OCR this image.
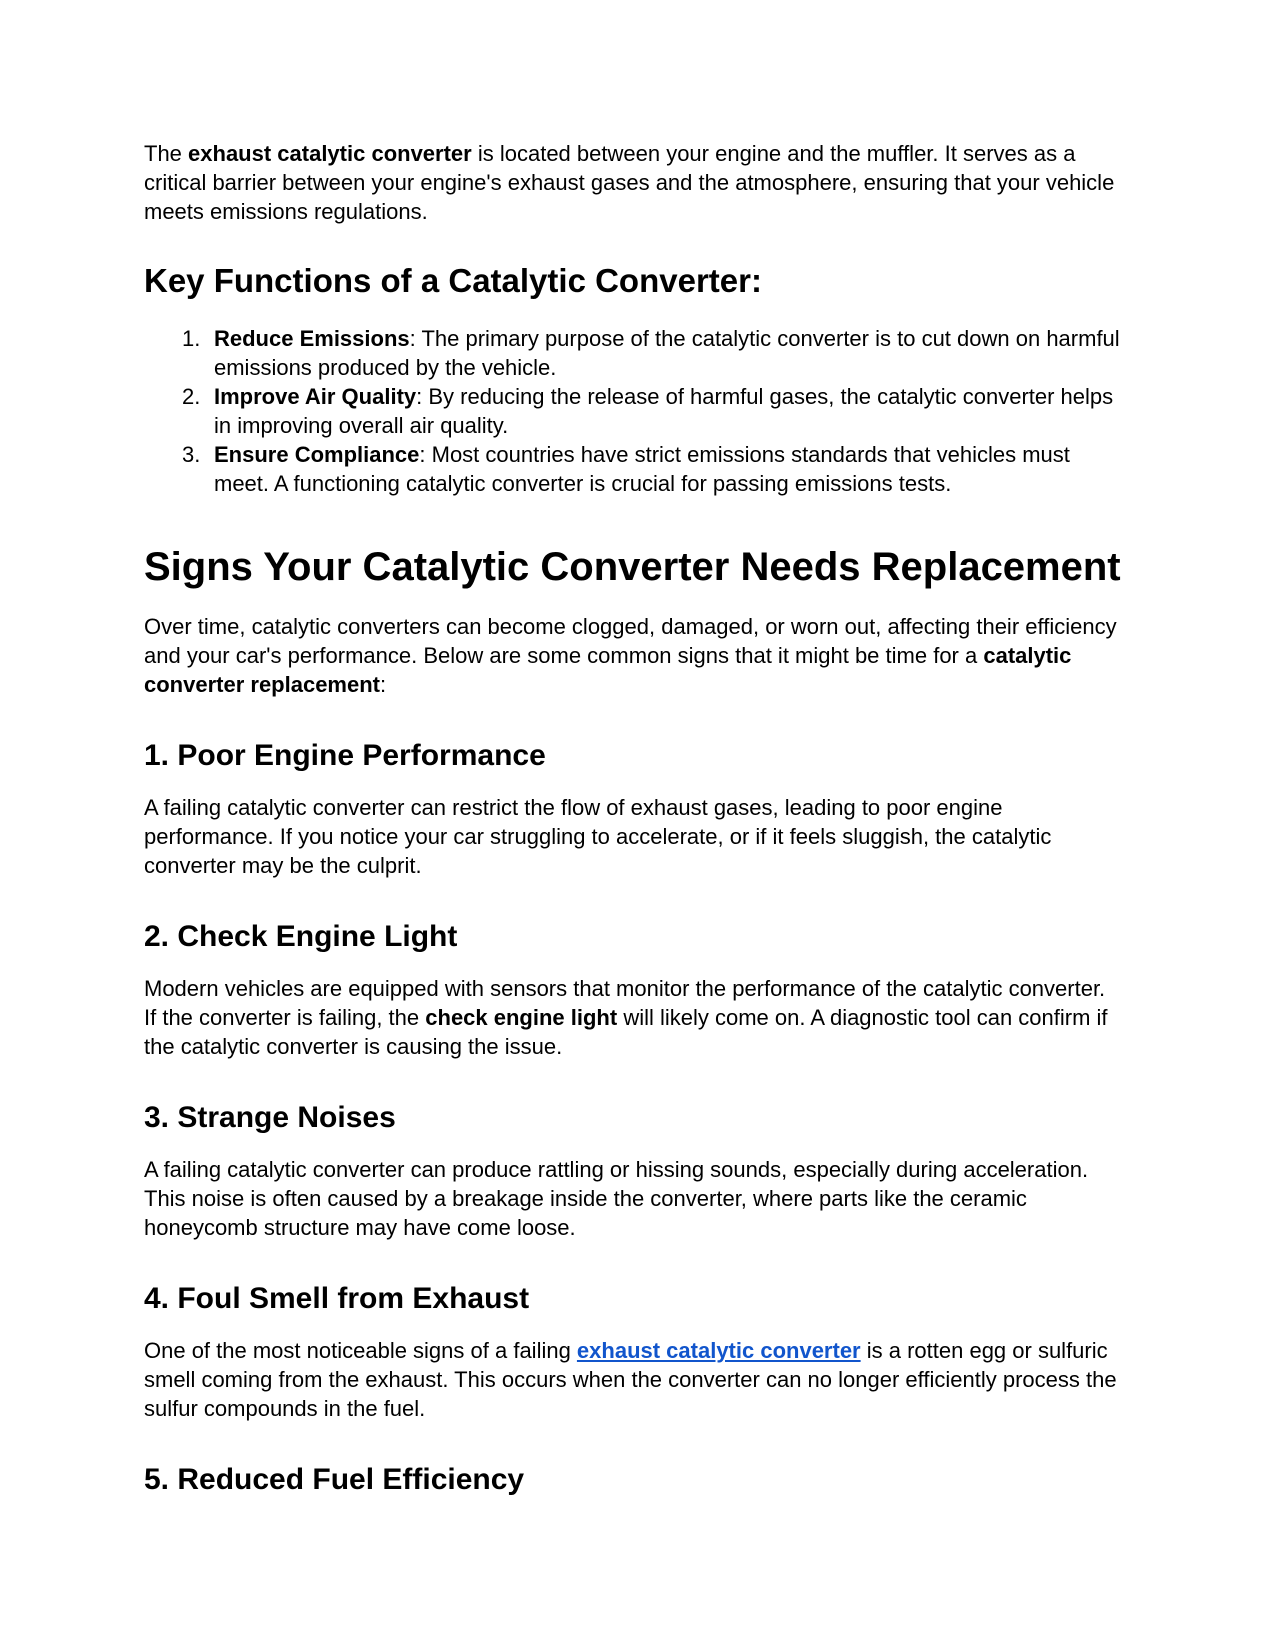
The exhaust catalytic converter is located between your engine and the muffler. It serves as a critical barrier between your engine's exhaust gases and the atmosphere, ensuring that your vehicle meets emissions regulations.

Key Functions of a Catalytic Converter:
1. Reduce Emissions: The primary purpose of the catalytic converter is to cut down on harmful emissions produced by the vehicle.
2. Improve Air Quality: By reducing the release of harmful gases, the catalytic converter helps in improving overall air quality.
3. Ensure Compliance: Most countries have strict emissions standards that vehicles must meet. A functioning catalytic converter is crucial for passing emissions tests.
Signs Your Catalytic Converter Needs Replacement

Over time, catalytic converters can become clogged, damaged, or worn out, affecting their efficiency and your car's performance. Below are some common signs that it might be time for a catalytic converter replacement:

1. Poor Engine Performance

A failing catalytic converter can restrict the flow of exhaust gases, leading to poor engine performance. If you notice your car struggling to accelerate, or if it feels sluggish, the catalytic converter may be the culprit.

2. Check Engine Light

Modern vehicles are equipped with sensors that monitor the performance of the catalytic converter. If the converter is failing, the check engine light will likely come on. A diagnostic tool can confirm if the catalytic converter is causing the issue.

3. Strange Noises

A failing catalytic converter can produce rattling or hissing sounds, especially during acceleration. This noise is often caused by a breakage inside the converter, where parts like the ceramic honeycomb structure may have come loose.

4. Foul Smell from Exhaust

One of the most noticeable signs of a failing exhaust catalytic converter is a rotten egg or sulfuric smell coming from the exhaust. This occurs when the converter can no longer efficiently process the sulfur compounds in the fuel.

5. Reduced Fuel Efficiency
